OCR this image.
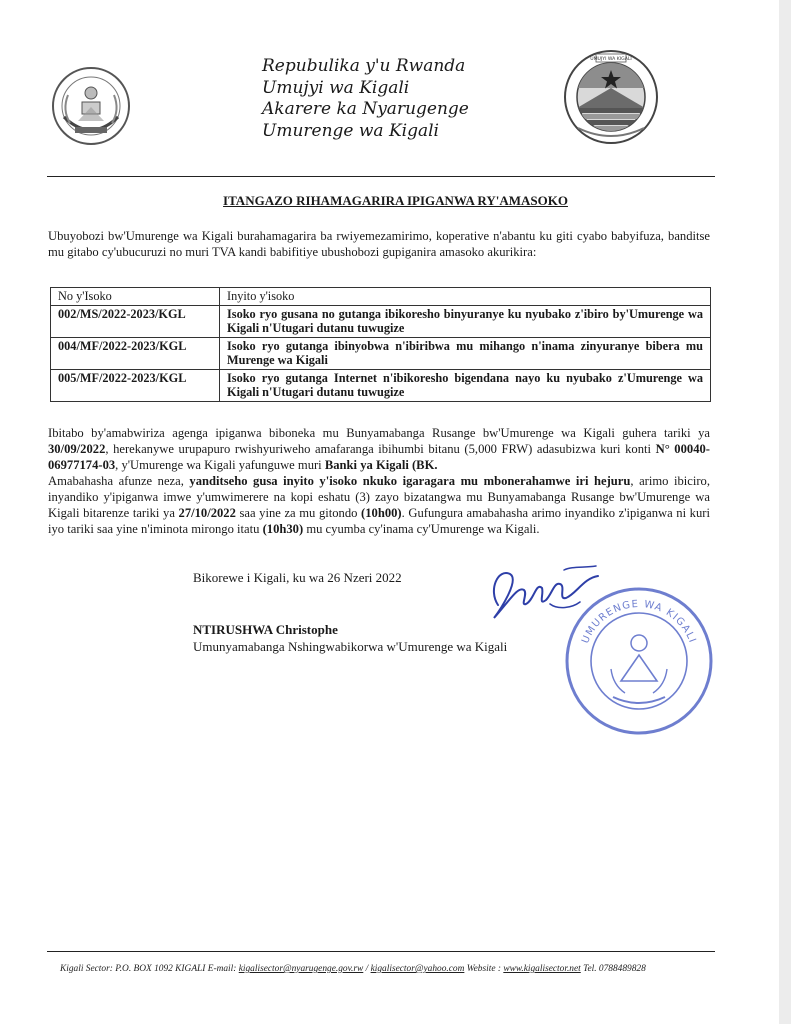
Repubulika y'u Rwanda
Umujyi wa Kigali
Akarere ka Nyarugenge
Umurenge wa Kigali
UMUJYI WA KIGALI
ITANGAZO RIHAMAGARIRA IPIGANWA RY'AMASOKO
Ubuyobozi bw'Umurenge wa Kigali burahamagarira ba rwiyemezamirimo, koperative n'abantu ku giti cyabo babyifuza, banditse mu gitabo cy'ubucuruzi no muri TVA kandi babifitiye ubushobozi gupiganira amasoko akurikira:
No y'Isoko	Inyito y'isoko
002/MS/2022-2023/KGL	Isoko ryo gusana no gutanga ibikoresho binyuranye ku nyubako z'ibiro by'Umurenge wa Kigali n'Utugari dutanu tuwugize
004/MF/2022-2023/KGL	Isoko ryo gutanga ibinyobwa n'ibiribwa mu mihango n'inama zinyuranye bibera mu Murenge wa Kigali
005/MF/2022-2023/KGL	Isoko ryo gutanga Internet n'ibikoresho bigendana nayo ku nyubako z'Umurenge wa Kigali n'Utugari dutanu tuwugize
Ibitabo by'amabwiriza agenga ipiganwa biboneka mu Bunyamabanga Rusange bw'Umurenge wa Kigali guhera tariki ya 30/09/2022, herekanywe urupapuro rwishyuriweho amafaranga ibihumbi bitanu (5,000 FRW) adasubizwa kuri konti N° 00040-06977174-03, y'Umurenge wa Kigali yafunguwe muri Banki ya Kigali (BK.
Amabahasha afunze neza, yanditseho gusa inyito y'isoko nkuko igaragara mu mbonerahamwe iri hejuru, arimo ibiciro, inyandiko y'ipiganwa imwe y'umwimerere na kopi eshatu (3) zayo bizatangwa mu Bunyamabanga Rusange bw'Umurenge wa Kigali bitarenze tariki ya 27/10/2022 saa yine za mu gitondo (10h00). Gufungura amabahasha arimo inyandiko z'ipiganwa ni kuri iyo tariki saa yine n'iminota mirongo itatu (10h30) mu cyumba cy'inama cy'Umurenge wa Kigali.
Bikorewe i Kigali, ku wa 26 Nzeri 2022
NTIRUSHWA Christophe
Umunyamabanga Nshingwabikorwa w'Umurenge wa Kigali	UMURENGE WA KIGALI
Kigali Sector: P.O. BOX 1092 KIGALI E-mail: kigalisector@nyarugenge.gov.rw / kigalisector@yahoo.com Website : www.kigalisector.net Tel. 0788489828
